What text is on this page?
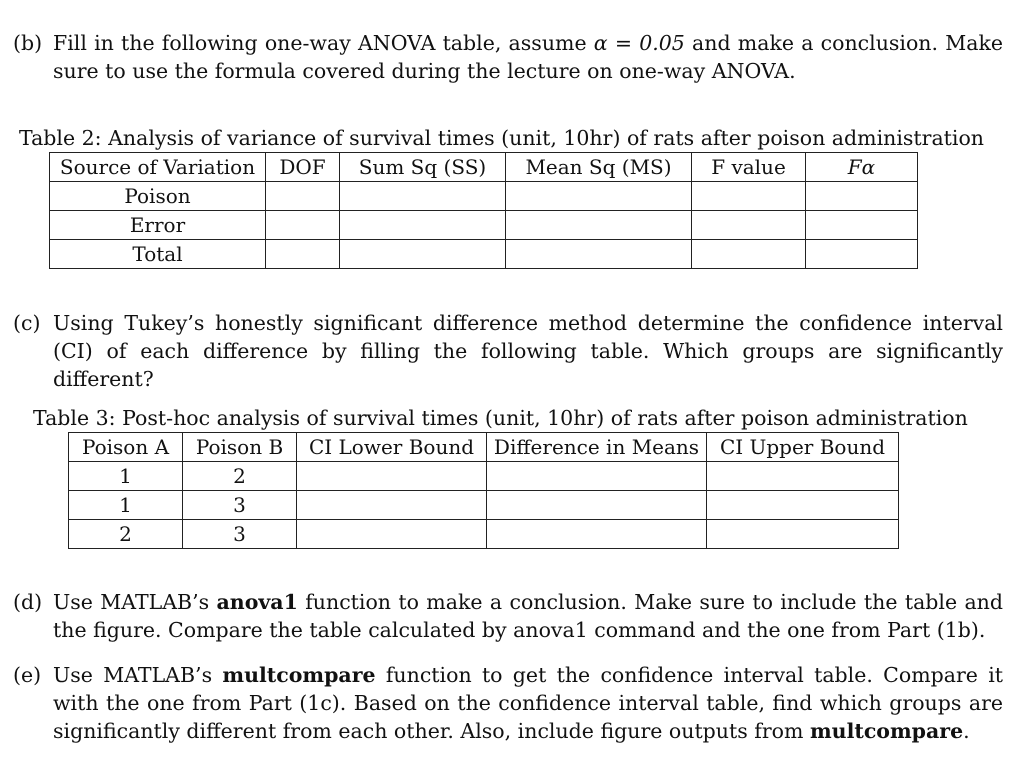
(b) Fill in the following one-way ANOVA table, assume α = 0.05 and make a conclusion. Make sure to use the formula covered during the lecture on one-way ANOVA.
Table 2: Analysis of variance of survival times (unit, 10hr) of rats after poison administration
Source of Variation	DOF	Sum Sq (SS)	Mean Sq (MS)	F value	Fα
Poison					
Error					
Total					
(c) Using Tukey’s honestly significant difference method determine the confidence interval (CI) of each difference by filling the following table. Which groups are significantly different?
Table 3: Post-hoc analysis of survival times (unit, 10hr) of rats after poison administration
Poison A	Poison B	CI Lower Bound	Difference in Means	CI Upper Bound
1	2			
1	3			
2	3			
(d) Use MATLAB’s anova1 function to make a conclusion. Make sure to include the table and the figure. Compare the table calculated by anova1 command and the one from Part (1b).
(e) Use MATLAB’s multcompare function to get the confidence interval table. Compare it with the one from Part (1c). Based on the confidence interval table, find which groups are significantly different from each other. Also, include figure outputs from multcompare.
